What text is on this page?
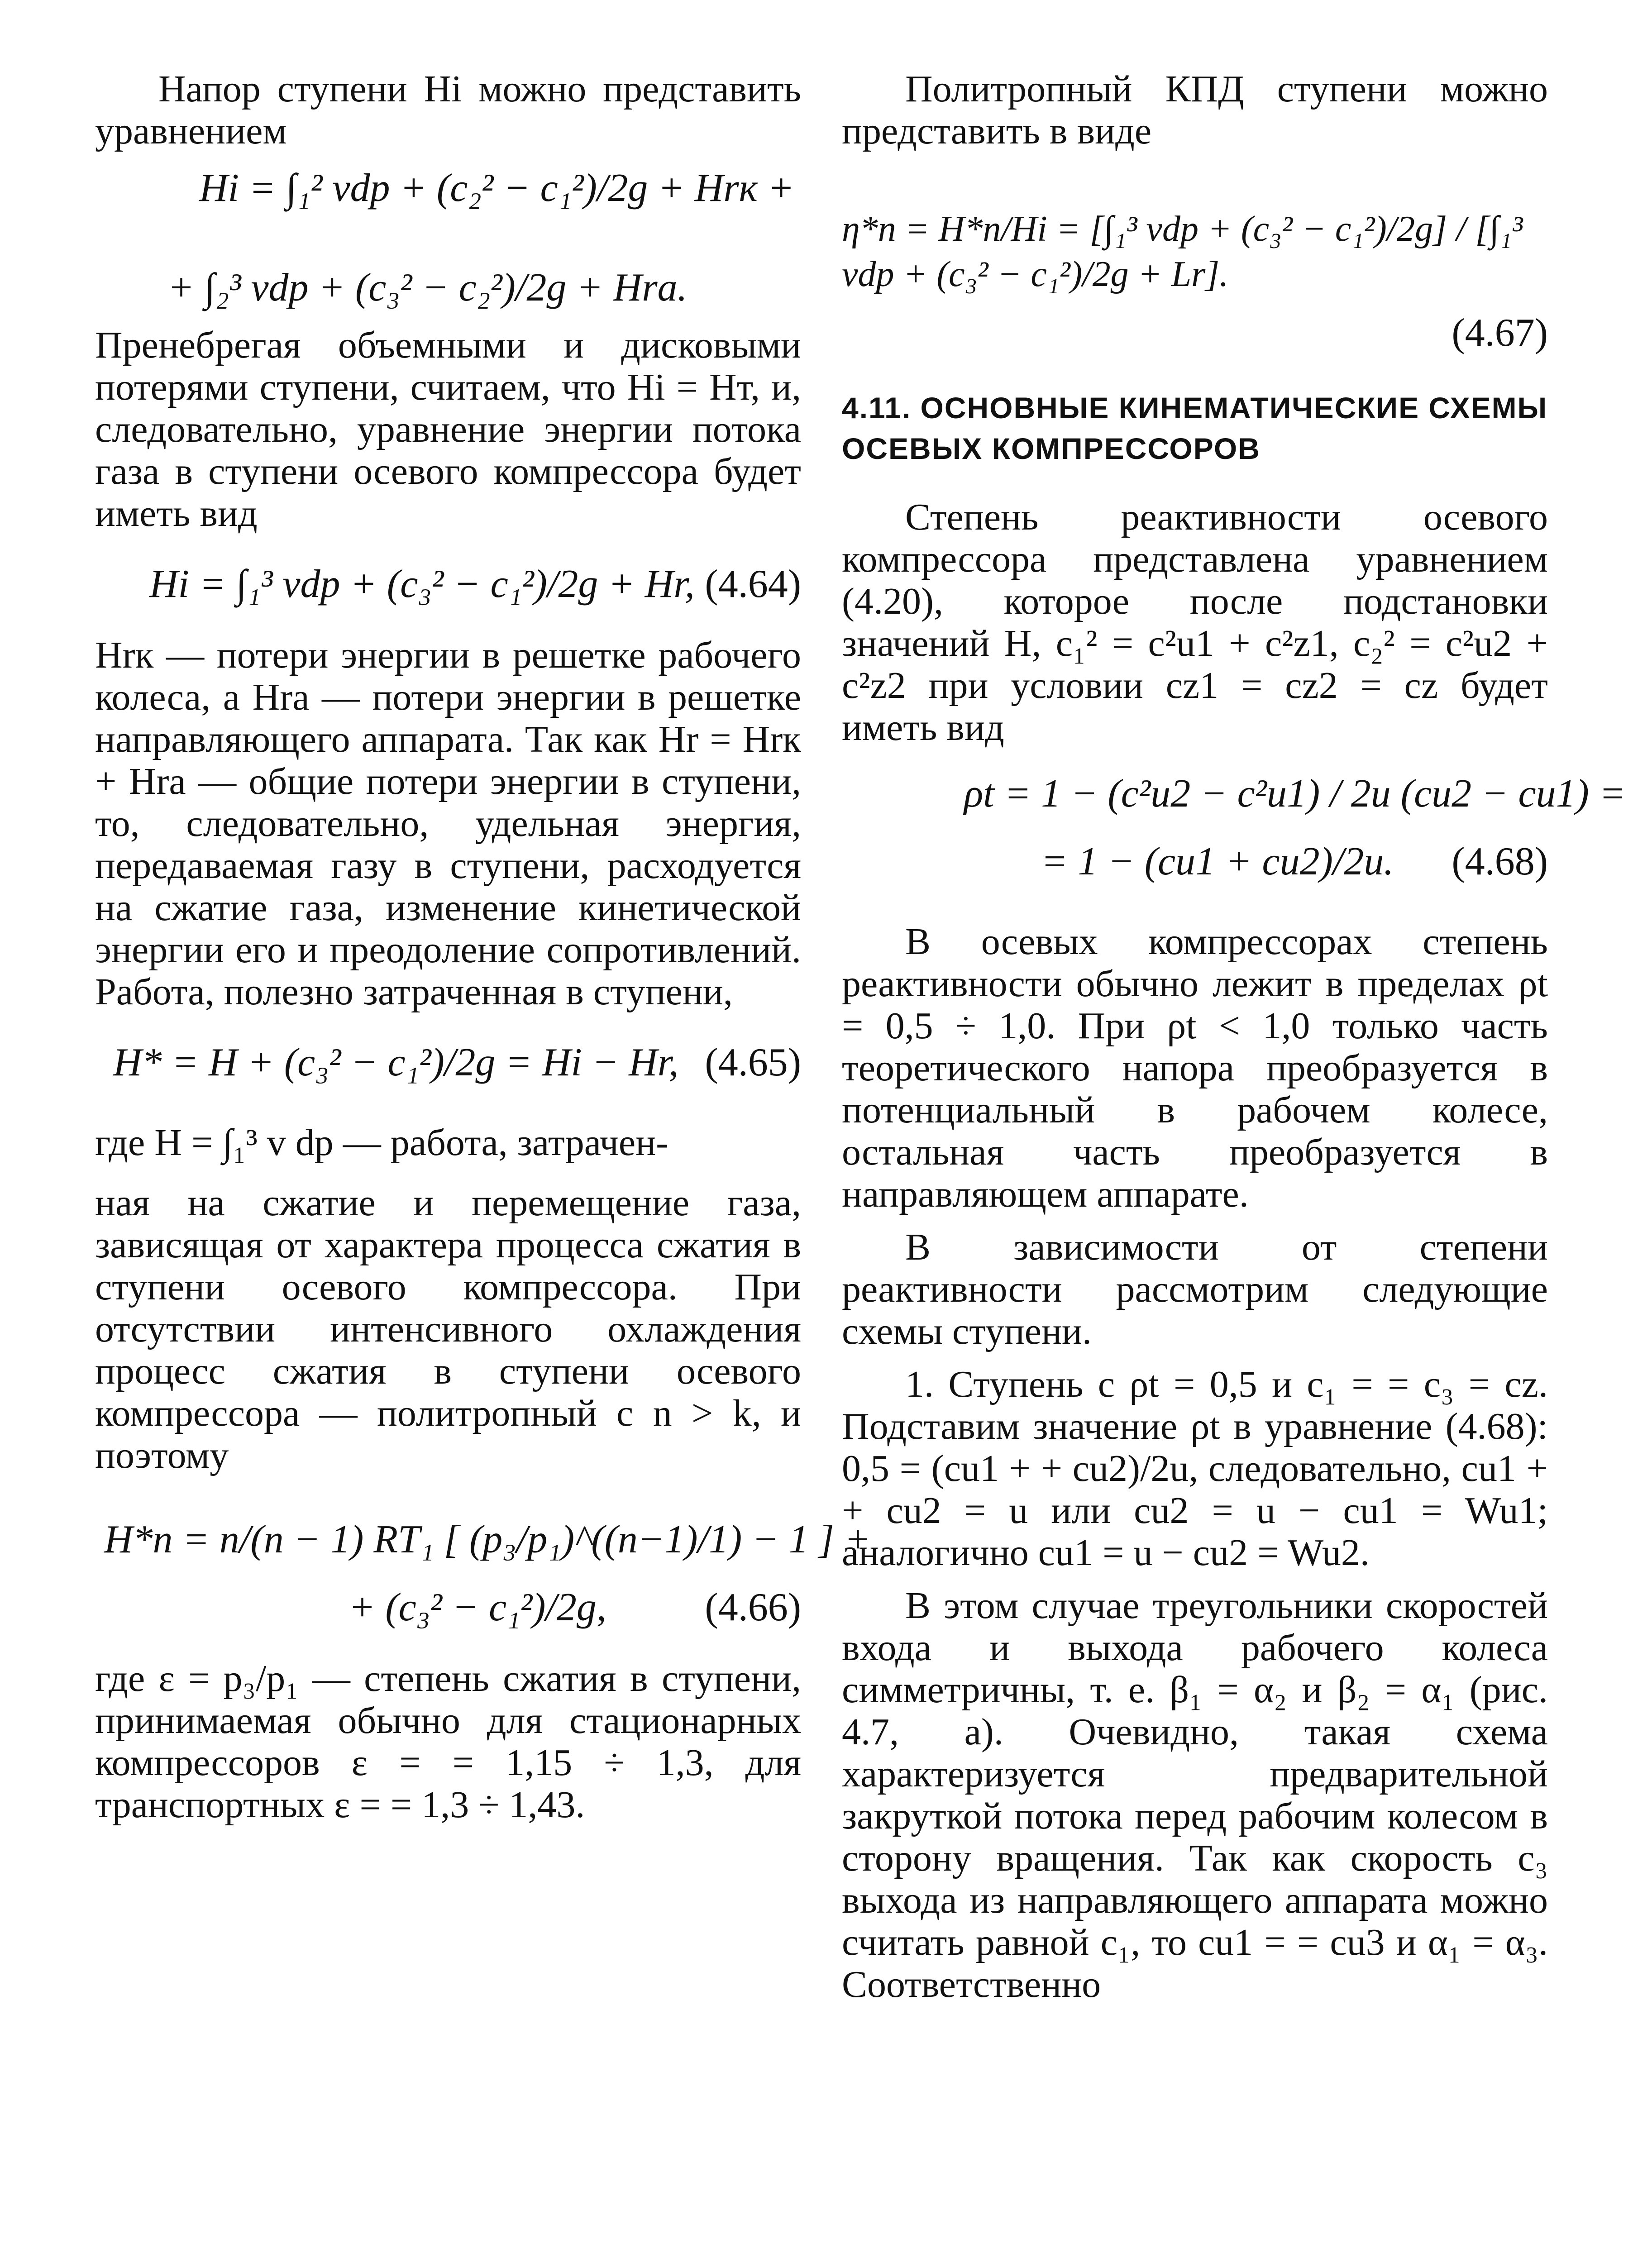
Напор ступени Hi можно представить уравнением

Hi = ∫₁² vdp + (c₂² − c₁²)/2g + Hrк +
+ ∫₂³ vdp + (c₃² − c₂²)/2g + Hra.

Пренебрегая объемными и дисковыми потерями ступени, считаем, что Hi = Hт, и, следовательно, уравнение энергии потока газа в ступени осевого компрессора будет иметь вид

Hi = ∫₁³ vdp + (c₃² − c₁²)/2g + Hr, (4.64)

Hrк — потери энергии в решетке рабочего колеса, а Hra — потери энергии в решетке направляющего аппарата. Так как Hr = Hrк + Hra — общие потери энергии в ступени, то, следовательно, удельная энергия, передаваемая газу в ступени, расходуется на сжатие газа, изменение кинетической энергии его и преодоление сопротивлений. Работа, полезно затраченная в ступени,

H* = H + (c₃² − c₁²)/2g = Hi − Hr, (4.65)

где H = ∫₁³ v dp — работа, затрачен-

ная на сжатие и перемещение газа, зависящая от характера процесса сжатия в ступени осевого компрессора. При отсутствии интенсивного охлаждения процесс сжатия в ступени осевого компрессора — политропный с n > k, и поэтому

H*n = n/(n − 1) RT₁ [ (p₃/p₁)^((n−1)/1) − 1 ] +
+ (c₃² − c₁²)/2g,	(4.66)

где ε = p₃/p₁ — степень сжатия в ступени, принимаемая обычно для стационарных компрессоров ε = = 1,15 ÷ 1,3, для транспортных ε = = 1,3 ÷ 1,43.

Политропный КПД ступени можно представить в виде

η*n = H*n/Hi = [∫₁³ vdp + (c₃² − c₁²)/2g] / [∫₁³ vdp + (c₃² − c₁²)/2g + Lr].
(4.67)
4.11. ОСНОВНЫЕ КИНЕМАТИЧЕСКИЕ СХЕМЫ ОСЕВЫХ КОМПРЕССОРОВ

Степень реактивности осевого компрессора представлена уравнением (4.20), которое после подстановки значений H, c₁² = c²u1 + c²z1, c₂² = c²u2 + c²z2 при условии cz1 = cz2 = cz будет иметь вид

ρt = 1 − (c²u2 − c²u1) / 2u (cu2 − cu1) =
= 1 − (cu1 + cu2)/2u.	(4.68)

В осевых компрессорах степень реактивности обычно лежит в пределах ρt = 0,5 ÷ 1,0. При ρt < 1,0 только часть теоретического напора преобразуется в потенциальный в рабочем колесе, остальная часть преобразуется в направляющем аппарате.

В зависимости от степени реактивности рассмотрим следующие схемы ступени.

1. Ступень с ρt = 0,5 и c₁ = = c₃ = cz. Подставим значение ρt в уравнение (4.68): 0,5 = (cu1 + + cu2)/2u, следовательно, cu1 + + cu2 = u или cu2 = u − cu1 = Wu1; аналогично cu1 = u − cu2 = Wu2.

В этом случае треугольники скоростей входа и выхода рабочего колеса симметричны, т. е. β₁ = α₂ и β₂ = α₁ (рис. 4.7, а). Очевидно, такая схема характеризуется предварительной закруткой потока перед рабочим колесом в сторону вращения. Так как скорость c₃ выхода из направляющего аппарата можно считать равной c₁, то cu1 = = cu3 и α₁ = α₃. Соответственно
